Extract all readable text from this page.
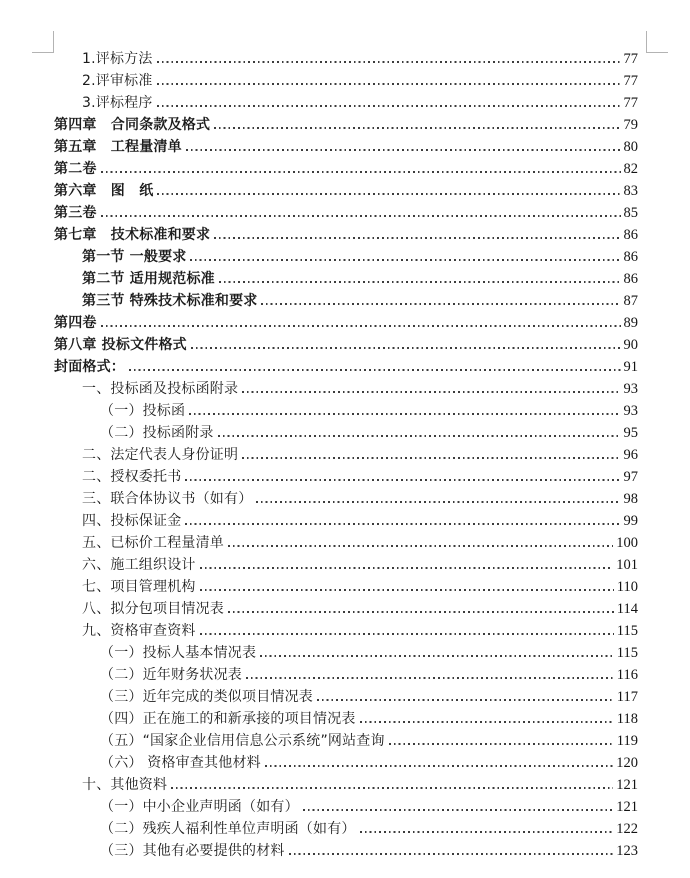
1.评标方法	77
2.评审标准	77
3.评标程序	77
第四章　合同条款及格式	79
第五章　工程量清单	80
第二卷	82
第六章　图　纸	83
第三卷	85
第七章　技术标准和要求	86
第一节 一般要求	86
第二节 适用规范标准	86
第三节 特殊技术标准和要求	87
第四卷	89
第八章 投标文件格式	90
封面格式：	91
一、投标函及投标函附录	93
（一）投标函	93
（二）投标函附录	95
二、法定代表人身份证明	96
二、授权委托书	97
三、联合体协议书（如有）	98
四、投标保证金	99
五、已标价工程量清单	100
六、施工组织设计	101
七、项目管理机构	110
八、拟分包项目情况表	114
九、资格审查资料	115
（一）投标人基本情况表	115
（二）近年财务状况表	116
（三）近年完成的类似项目情况表	117
（四）正在施工的和新承接的项目情况表	118
（五）“国家企业信用信息公示系统”网站查询	119
（六） 资格审查其他材料	120
十、其他资料	121
（一）中小企业声明函（如有）	121
（二）残疾人福利性单位声明函（如有）	122
（三）其他有必要提供的材料	123
